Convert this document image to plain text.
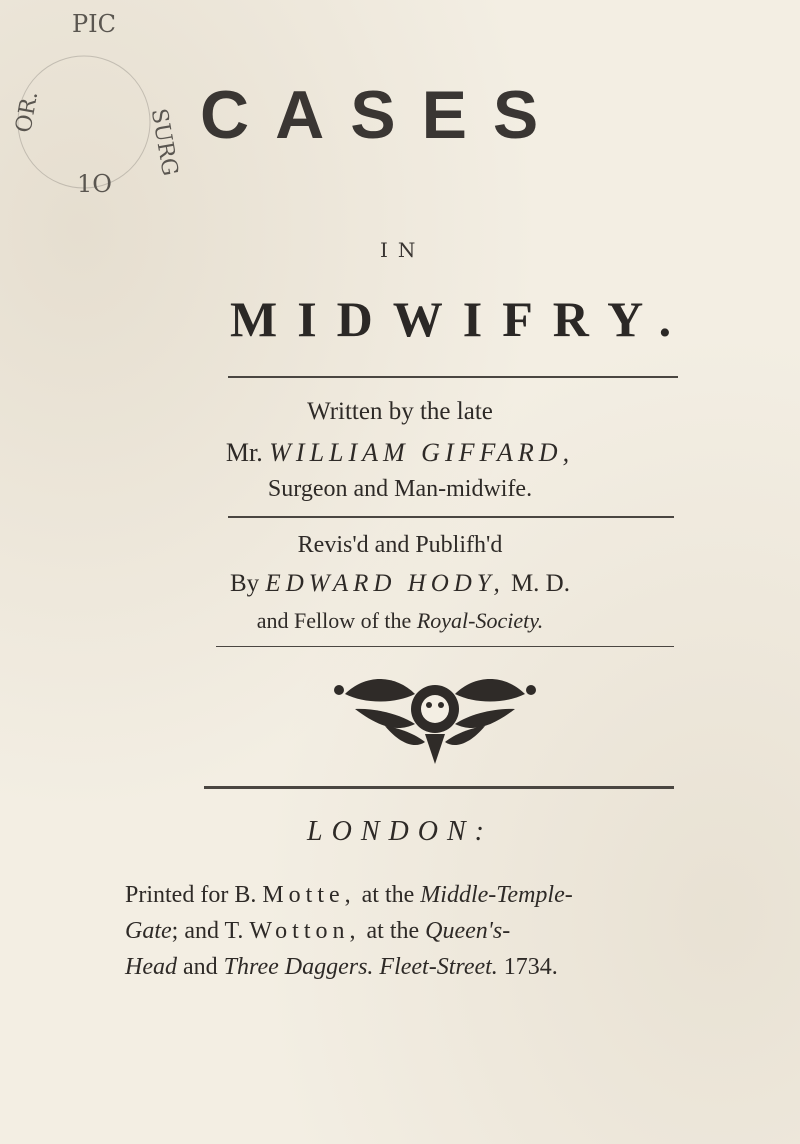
PIC
OR.	SURG
1O
CASES
IN
MIDWIFRY.
Written by the late
Mr. WILLIAM GIFFARD,
Surgeon and Man-midwife.
Revis'd and Publifh'd
By EDWARD HODY, M. D.
and Fellow of the Royal-Society.
LONDON:
Printed for B. Motte, at the Middle-Temple-
Gate; and T. Wotton, at the Queen's-
Head and Three Daggers. Fleet-Street. 1734.
